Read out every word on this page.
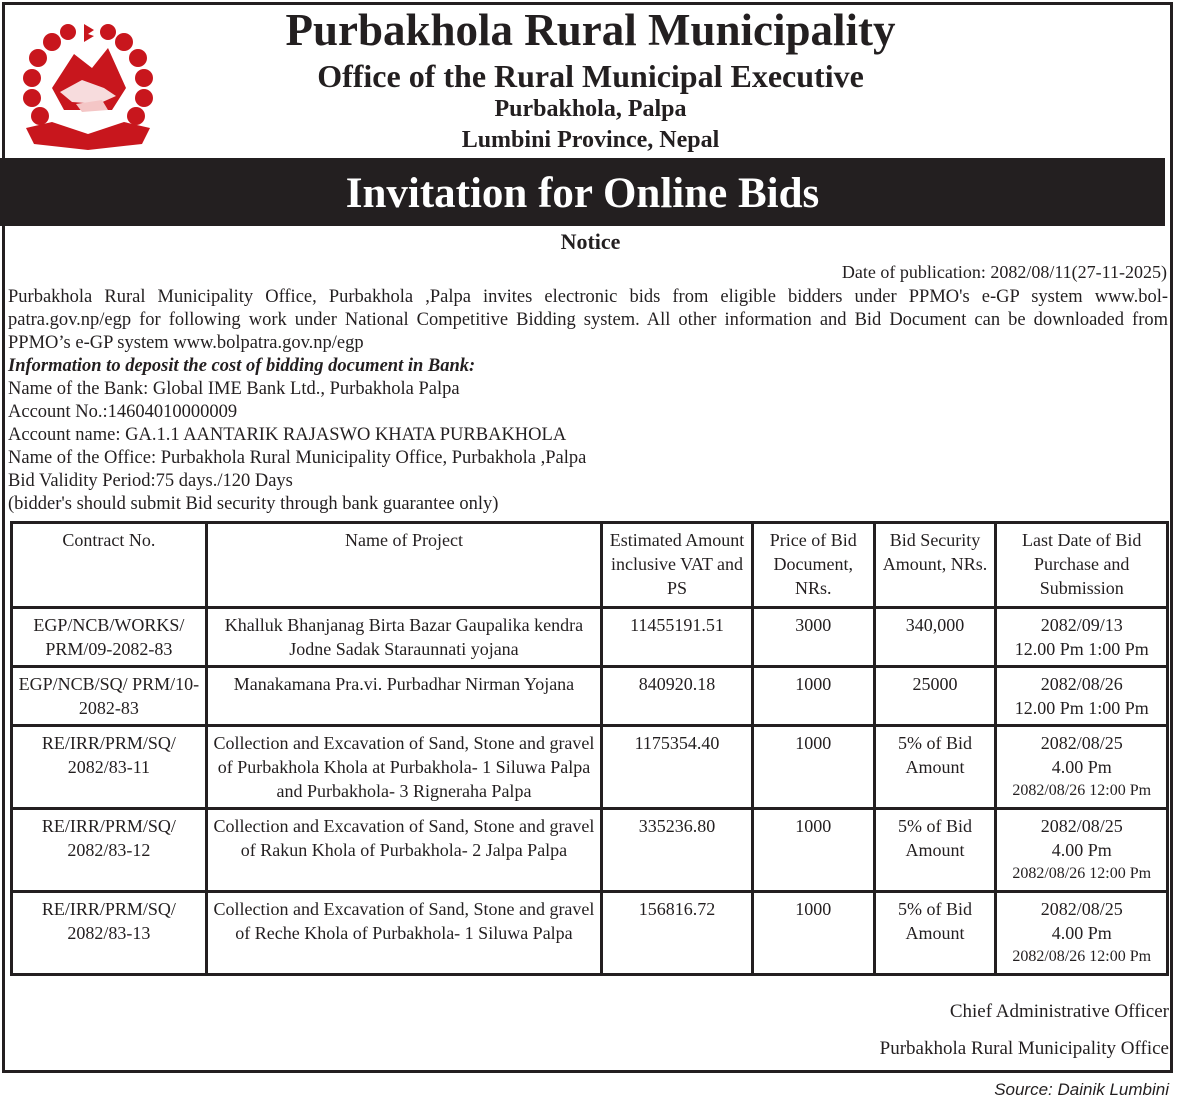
Purbakhola Rural Municipality
Office of the Rural Municipal Executive
Purbakhola, Palpa
Lumbini Province, Nepal
Invitation for Online Bids
Notice
Date of publication: 2082/08/11(27-11-2025)

Purbakhola Rural Municipality Office, Purbakhola ,Palpa invites electronic bids from eligible bidders under PPMO's e-GP system www.bol-patra.gov.np/egp for following work under National Competitive Bidding system. All other information and Bid Document can be downloaded from PPMO’s e-GP system www.bolpatra.gov.np/egp

Information to deposit the cost of bidding document in Bank:

Name of the Bank: Global IME Bank Ltd., Purbakhola Palpa

Account No.:14604010000009

Account name: GA.1.1 AANTARIK RAJASWO KHATA PURBAKHOLA

Name of the Office: Purbakhola Rural Municipality Office, Purbakhola ,Palpa

Bid Validity Period:75 days./120 Days

(bidder's should submit Bid security through bank guarantee only)

Contract No.	Name of Project	Estimated Amount inclusive VAT and PS	Price of Bid Document, NRs.	Bid Security Amount, NRs.	Last Date of Bid Purchase and Submission
EGP/NCB/WORKS/ PRM/09-2082-83	Khalluk Bhanjanag Birta Bazar Gaupalika kendra Jodne Sadak Staraunnati yojana	11455191.51	3000	340,000	2082/09/13
12.00 Pm 1:00 Pm

EGP/NCB/SQ/ PRM/10-2082-83	Manakamana Pra.vi. Purbadhar Nirman Yojana	840920.18	1000	25000	2082/08/26
12.00 Pm 1:00 Pm

RE/IRR/PRM/SQ/ 2082/83-11	Collection and Excavation of Sand, Stone and gravel of Purbakhola Khola at Purbakhola- 1 Siluwa Palpa and Purbakhola- 3 Rigneraha Palpa	1175354.40	1000	5% of Bid Amount	2082/08/25
4.00 Pm
2082/08/26 12:00 Pm

RE/IRR/PRM/SQ/ 2082/83-12	Collection and Excavation of Sand, Stone and gravel of Rakun Khola of Purbakhola- 2 Jalpa Palpa	335236.80	1000	5% of Bid Amount	2082/08/25
4.00 Pm
2082/08/26 12:00 Pm

RE/IRR/PRM/SQ/ 2082/83-13	Collection and Excavation of Sand, Stone and gravel of Reche Khola of Purbakhola- 1 Siluwa Palpa	156816.72	1000	5% of Bid Amount	2082/08/25
4.00 Pm
2082/08/26 12:00 Pm
Chief Administrative Officer
Purbakhola Rural Municipality Office
Source: Dainik Lumbini
